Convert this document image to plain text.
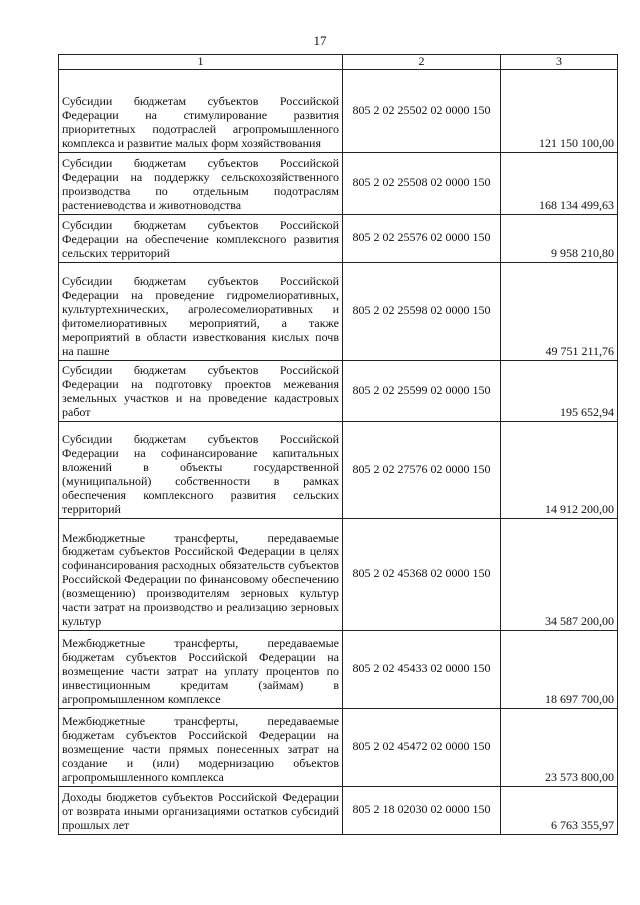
17
1	2	3
Субсидии бюджетам субъектов Российской Федерации на стимулирование развития приоритетных подотраслей агропромышленного комплекса и развитие малых форм хозяйствования	805 2 02 25502 02 0000 150	121 150 100,00
Субсидии бюджетам субъектов Российской Федерации на поддержку сельскохозяйственного производства по отдельным подотраслям растениеводства и животноводства	805 2 02 25508 02 0000 150	168 134 499,63
Субсидии бюджетам субъектов Российской Федерации на обеспечение комплексного развития сельских территорий	805 2 02 25576 02 0000 150	9 958 210,80
Субсидии бюджетам субъектов Российской Федерации на проведение гидромелиоративных, культуртехнических, агролесомелиоративных и фитомелиоративных мероприятий, а также мероприятий в области известкования кислых почв на пашне	805 2 02 25598 02 0000 150	49 751 211,76
Субсидии бюджетам субъектов Российской Федерации на подготовку проектов межевания земельных участков и на проведение кадастровых работ	805 2 02 25599 02 0000 150	195 652,94
Субсидии бюджетам субъектов Российской Федерации на софинансирование капитальных вложений в объекты государственной (муниципальной) собственности в рамках обеспечения комплексного развития сельских территорий	805 2 02 27576 02 0000 150	14 912 200,00
Межбюджетные трансферты, передаваемые бюджетам субъектов Российской Федерации в целях софинансирования расходных обязательств субъектов Российской Федерации по финансовому обеспечению (возмещению) производителям зерновых культур части затрат на производство и реализацию зерновых культур	805 2 02 45368 02 0000 150	34 587 200,00
Межбюджетные трансферты, передаваемые бюджетам субъектов Российской Федерации на возмещение части затрат на уплату процентов по инвестиционным кредитам (займам) в агропромышленном комплексе	805 2 02 45433 02 0000 150	18 697 700,00
Межбюджетные трансферты, передаваемые бюджетам субъектов Российской Федерации на возмещение части прямых понесенных затрат на создание и (или) модернизацию объектов агропромышленного комплекса	805 2 02 45472 02 0000 150	23 573 800,00
Доходы бюджетов субъектов Российской Федерации от возврата иными организациями остатков субсидий прошлых лет	805 2 18 02030 02 0000 150	6 763 355,97
